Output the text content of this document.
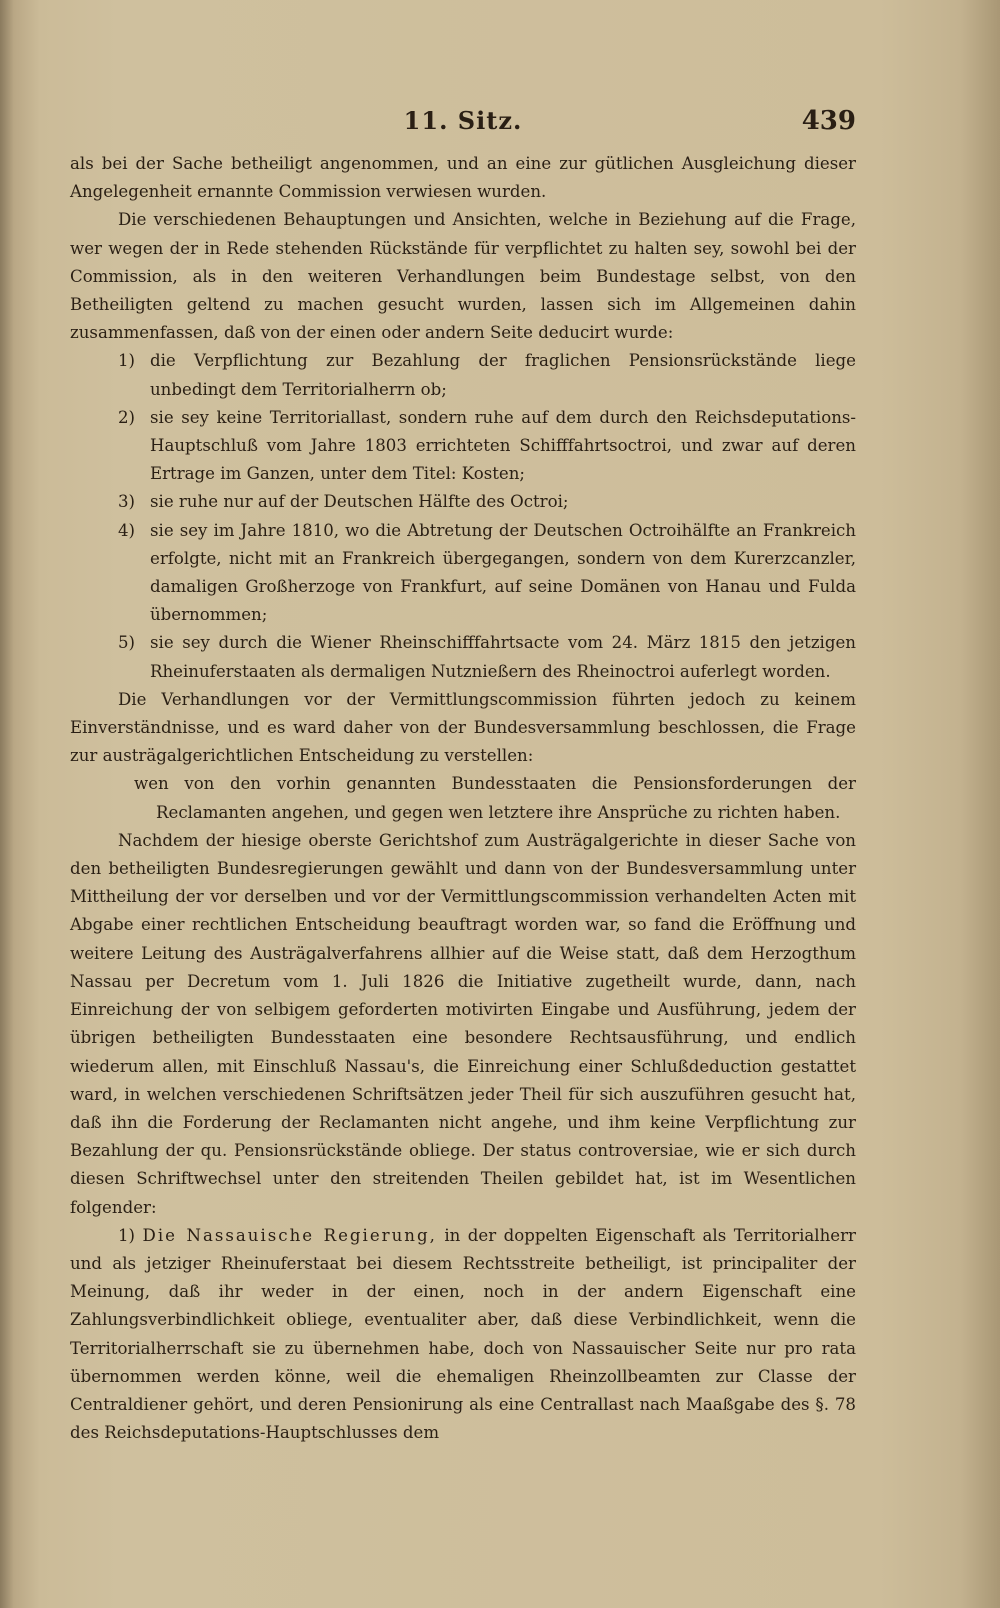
11. Sitz.	439

als bei der Sache betheiligt angenommen, und an eine zur gütlichen Ausgleichung dieser Angelegenheit ernannte Commission verwiesen wurden.

Die verschiedenen Behauptungen und Ansichten, welche in Beziehung auf die Frage, wer wegen der in Rede stehenden Rückstände für verpflichtet zu halten sey, sowohl bei der Commission, als in den weiteren Verhandlungen beim Bundestage selbst, von den Betheiligten geltend zu machen gesucht wurden, lassen sich im Allgemeinen dahin zusammenfassen, daß von der einen oder andern Seite deducirt wurde:

1) die Verpflichtung zur Bezahlung der fraglichen Pensionsrückstände liege unbedingt dem Territorialherrn ob;
2) sie sey keine Territoriallast, sondern ruhe auf dem durch den Reichsdeputations-Hauptschluß vom Jahre 1803 errichteten Schifffahrtsoctroi, und zwar auf deren Ertrage im Ganzen, unter dem Titel: Kosten;
3) sie ruhe nur auf der Deutschen Hälfte des Octroi;
4) sie sey im Jahre 1810, wo die Abtretung der Deutschen Octroihälfte an Frankreich erfolgte, nicht mit an Frankreich übergegangen, sondern von dem Kurerzcanzler, damaligen Großherzoge von Frankfurt, auf seine Domänen von Hanau und Fulda übernommen;
5) sie sey durch die Wiener Rheinschifffahrtsacte vom 24. März 1815 den jetzigen Rheinuferstaaten als dermaligen Nutznießern des Rheinoctroi auferlegt worden.

Die Verhandlungen vor der Vermittlungscommission führten jedoch zu keinem Einverständnisse, und es ward daher von der Bundesversammlung beschlossen, die Frage zur austrägalgerichtlichen Entscheidung zu verstellen:

wen von den vorhin genannten Bundesstaaten die Pensionsforderungen der Reclamanten angehen, und gegen wen letztere ihre Ansprüche zu richten haben.

Nachdem der hiesige oberste Gerichtshof zum Austrägalgerichte in dieser Sache von den betheiligten Bundesregierungen gewählt und dann von der Bundesversammlung unter Mittheilung der vor derselben und vor der Vermittlungscommission verhandelten Acten mit Abgabe einer rechtlichen Entscheidung beauftragt worden war, so fand die Eröffnung und weitere Leitung des Austrägalverfahrens allhier auf die Weise statt, daß dem Herzogthum Nassau per Decretum vom 1. Juli 1826 die Initiative zugetheilt wurde, dann, nach Einreichung der von selbigem geforderten motivirten Eingabe und Ausführung, jedem der übrigen betheiligten Bundesstaaten eine besondere Rechtsausführung, und endlich wiederum allen, mit Einschluß Nassau's, die Einreichung einer Schlußdeduction gestattet ward, in welchen verschiedenen Schriftsätzen jeder Theil für sich auszuführen gesucht hat, daß ihn die Forderung der Reclamanten nicht angehe, und ihm keine Verpflichtung zur Bezahlung der qu. Pensionsrückstände obliege. Der status controversiae, wie er sich durch diesen Schriftwechsel unter den streitenden Theilen gebildet hat, ist im Wesentlichen folgender:

1) Die Nassauische Regierung, in der doppelten Eigenschaft als Territorialherr und als jetziger Rheinuferstaat bei diesem Rechtsstreite betheiligt, ist principaliter der Meinung, daß ihr weder in der einen, noch in der andern Eigenschaft eine Zahlungsverbindlichkeit obliege, eventualiter aber, daß diese Verbindlichkeit, wenn die Territorialherrschaft sie zu übernehmen habe, doch von Nassauischer Seite nur pro rata übernommen werden könne, weil die ehemaligen Rheinzollbeamten zur Classe der Centraldiener gehört, und deren Pensionirung als eine Centrallast nach Maaßgabe des §. 78 des Reichsdeputations-Hauptschlusses dem
